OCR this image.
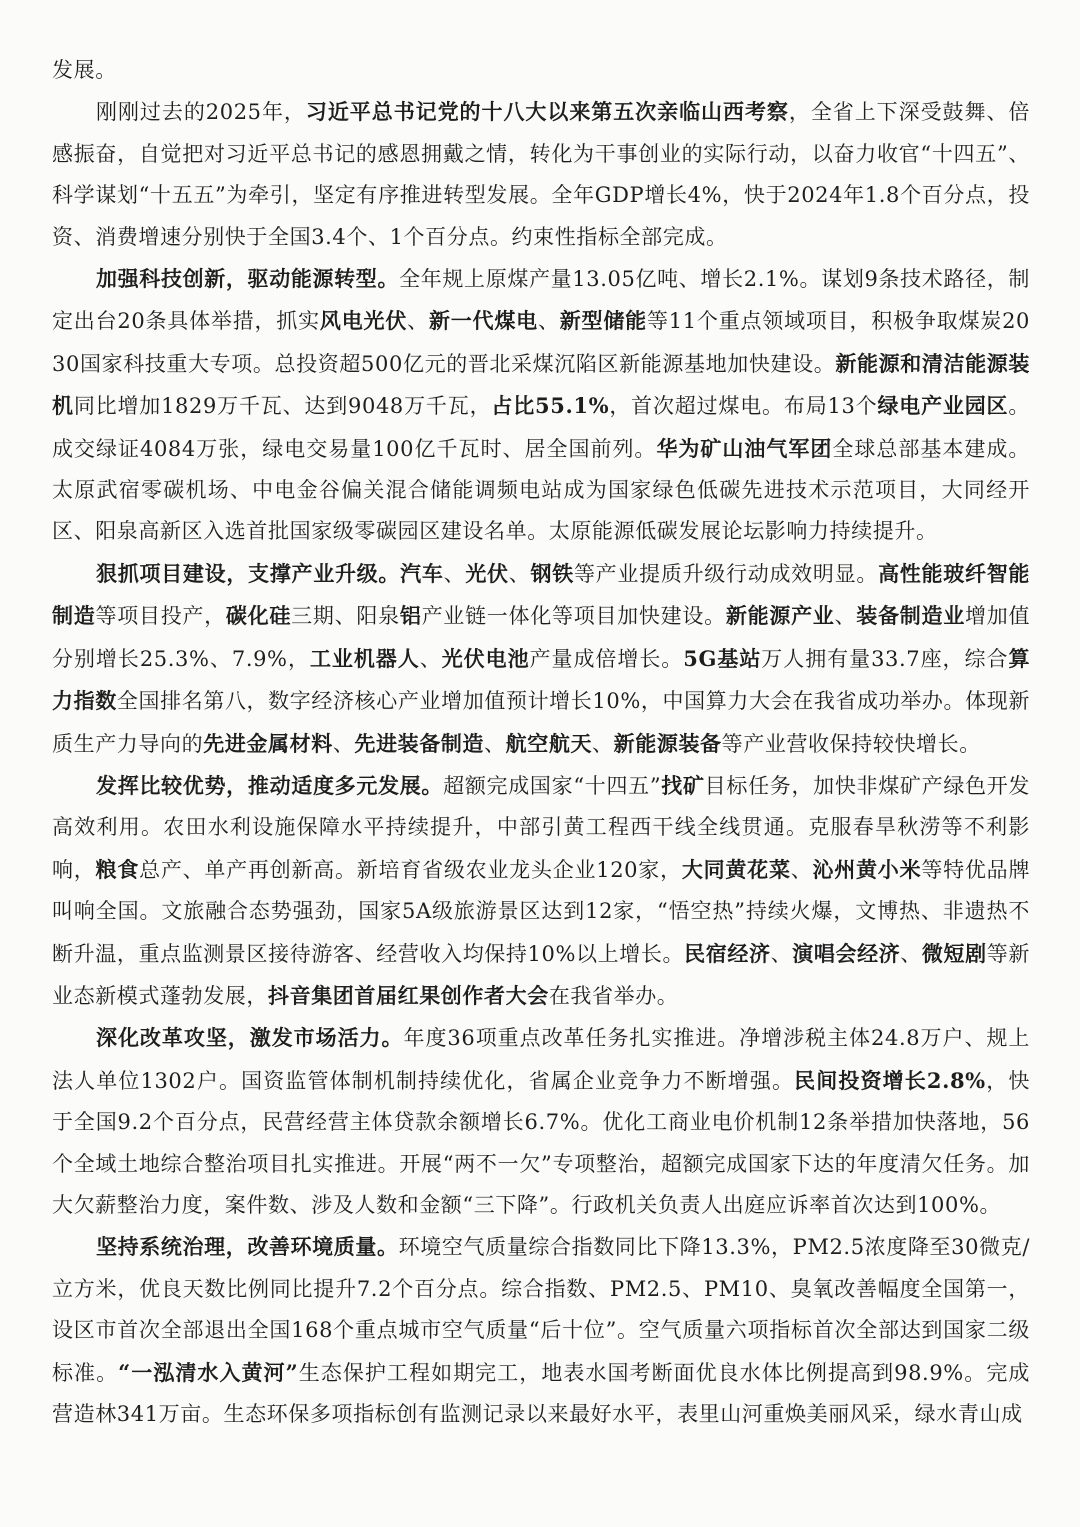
发展。

刚刚过去的2025年，习近平总书记党的十八大以来第五次亲临山西考察，全省上下深受鼓舞、倍感振奋，自觉把对习近平总书记的感恩拥戴之情，转化为干事创业的实际行动，以奋力收官“十四五”、科学谋划“十五五”为牵引，坚定有序推进转型发展。全年GDP增长4%，快于2024年1.8个百分点，投资、消费增速分别快于全国3.4个、1个百分点。约束性指标全部完成。

加强科技创新，驱动能源转型。全年规上原煤产量13.05亿吨、增长2.1%。谋划9条技术路径，制定出台20条具体举措，抓实风电光伏、新一代煤电、新型储能等11个重点领域项目，积极争取煤炭2030国家科技重大专项。总投资超500亿元的晋北采煤沉陷区新能源基地加快建设。新能源和清洁能源装机同比增加1829万千瓦、达到9048万千瓦，占比55.1%，首次超过煤电。布局13个绿电产业园区。成交绿证4084万张，绿电交易量100亿千瓦时、居全国前列。华为矿山油气军团全球总部基本建成。太原武宿零碳机场、中电金谷偏关混合储能调频电站成为国家绿色低碳先进技术示范项目，大同经开区、阳泉高新区入选首批国家级零碳园区建设名单。太原能源低碳发展论坛影响力持续提升。

狠抓项目建设，支撑产业升级。汽车、光伏、钢铁等产业提质升级行动成效明显。高性能玻纤智能制造等项目投产，碳化硅三期、阳泉铝产业链一体化等项目加快建设。新能源产业、装备制造业增加值分别增长25.3%、7.9%，工业机器人、光伏电池产量成倍增长。5G基站万人拥有量33.7座，综合算力指数全国排名第八，数字经济核心产业增加值预计增长10%，中国算力大会在我省成功举办。体现新质生产力导向的先进金属材料、先进装备制造、航空航天、新能源装备等产业营收保持较快增长。

发挥比较优势，推动适度多元发展。超额完成国家“十四五”找矿目标任务，加快非煤矿产绿色开发高效利用。农田水利设施保障水平持续提升，中部引黄工程西干线全线贯通。克服春旱秋涝等不利影响，粮食总产、单产再创新高。新培育省级农业龙头企业120家，大同黄花菜、沁州黄小米等特优品牌叫响全国。文旅融合态势强劲，国家5A级旅游景区达到12家，“悟空热”持续火爆，文博热、非遗热不断升温，重点监测景区接待游客、经营收入均保持10%以上增长。民宿经济、演唱会经济、微短剧等新业态新模式蓬勃发展，抖音集团首届红果创作者大会在我省举办。

深化改革攻坚，激发市场活力。年度36项重点改革任务扎实推进。净增涉税主体24.8万户、规上法人单位1302户。国资监管体制机制持续优化，省属企业竞争力不断增强。民间投资增长2.8%，快于全国9.2个百分点，民营经营主体贷款余额增长6.7%。优化工商业电价机制12条举措加快落地，56个全域土地综合整治项目扎实推进。开展“两不一欠”专项整治，超额完成国家下达的年度清欠任务。加大欠薪整治力度，案件数、涉及人数和金额“三下降”。行政机关负责人出庭应诉率首次达到100%。

坚持系统治理，改善环境质量。环境空气质量综合指数同比下降13.3%，PM2.5浓度降至30微克/立方米，优良天数比例同比提升7.2个百分点。综合指数、PM2.5、PM10、臭氧改善幅度全国第一，设区市首次全部退出全国168个重点城市空气质量“后十位”。空气质量六项指标首次全部达到国家二级标准。“一泓清水入黄河”生态保护工程如期完工，地表水国考断面优良水体比例提高到98.9%。完成营造林341万亩。生态环保多项指标创有监测记录以来最好水平，表里山河重焕美丽风采，绿水青山成
